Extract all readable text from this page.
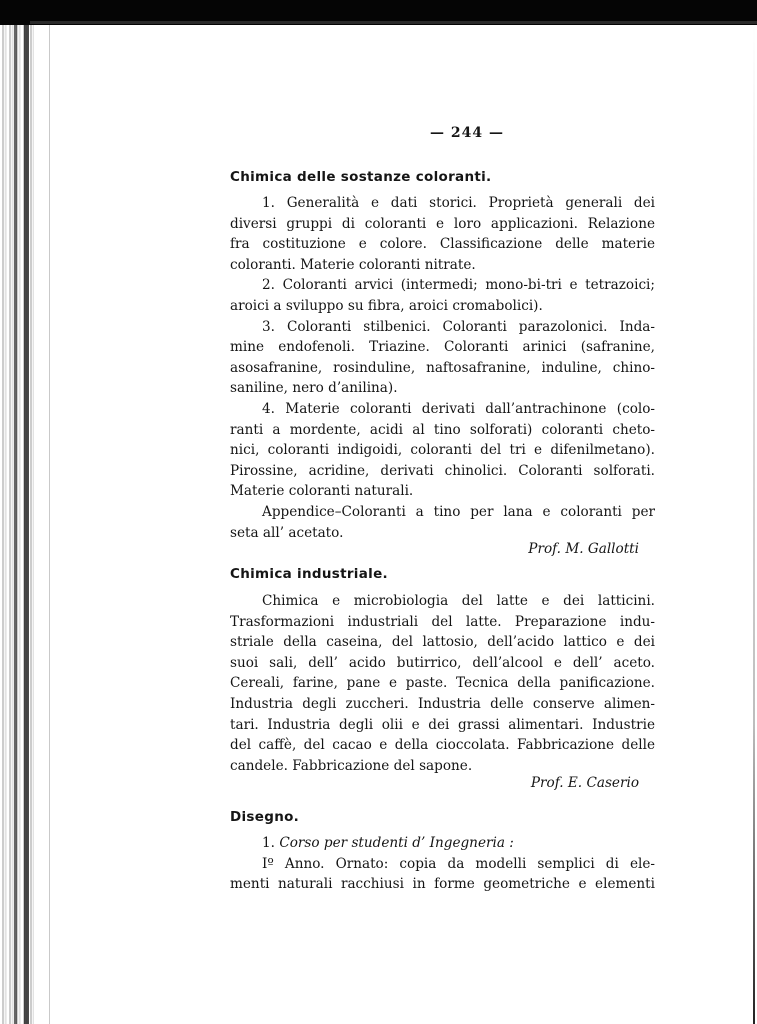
— 244 —
Chimica delle sostanze coloranti.
1. Generalità e dati storici. Proprietà generali dei
diversi gruppi di coloranti e loro applicazioni. Relazione
fra costituzione e colore. Classificazione delle materie
coloranti. Materie coloranti nitrate.
2. Coloranti arvici (intermedi; mono-bi-tri e tetrazoici;
aroici a sviluppo su fibra, aroici cromabolici).
3. Coloranti stilbenici. Coloranti parazolonici. Inda-
mine endofenoli. Triazine. Coloranti arinici (safranine,
asosafranine, rosinduline, naftosafranine, induline, chino-
saniline, nero d’anilina).
4. Materie coloranti derivati dall’antrachinone (colo-
ranti a mordente, acidi al tino solforati) coloranti cheto-
nici, coloranti indigoidi, coloranti del tri e difenilmetano).
Pirossine, acridine, derivati chinolici. Coloranti solforati.
Materie coloranti naturali.
Appendice–Coloranti a tino per lana e coloranti per
seta all’ acetato.
Prof. M. Gallotti
Chimica industriale.
Chimica e microbiologia del latte e dei latticini.
Trasformazioni industriali del latte. Preparazione indu-
striale della caseina, del lattosio, dell’acido lattico e dei
suoi sali, dell’ acido butirrico, dell’alcool e dell’ aceto.
Cereali, farine, pane e paste. Tecnica della panificazione.
Industria degli zuccheri. Industria delle conserve alimen-
tari. Industria degli olii e dei grassi alimentari. Industrie
del caffè, del cacao e della cioccolata. Fabbricazione delle
candele. Fabbricazione del sapone.
Prof. E. Caserio
Disegno.
1. Corso per studenti d’ Ingegneria :
Iº Anno. Ornato: copia da modelli semplici di ele-
menti naturali racchiusi in forme geometriche e elementi
